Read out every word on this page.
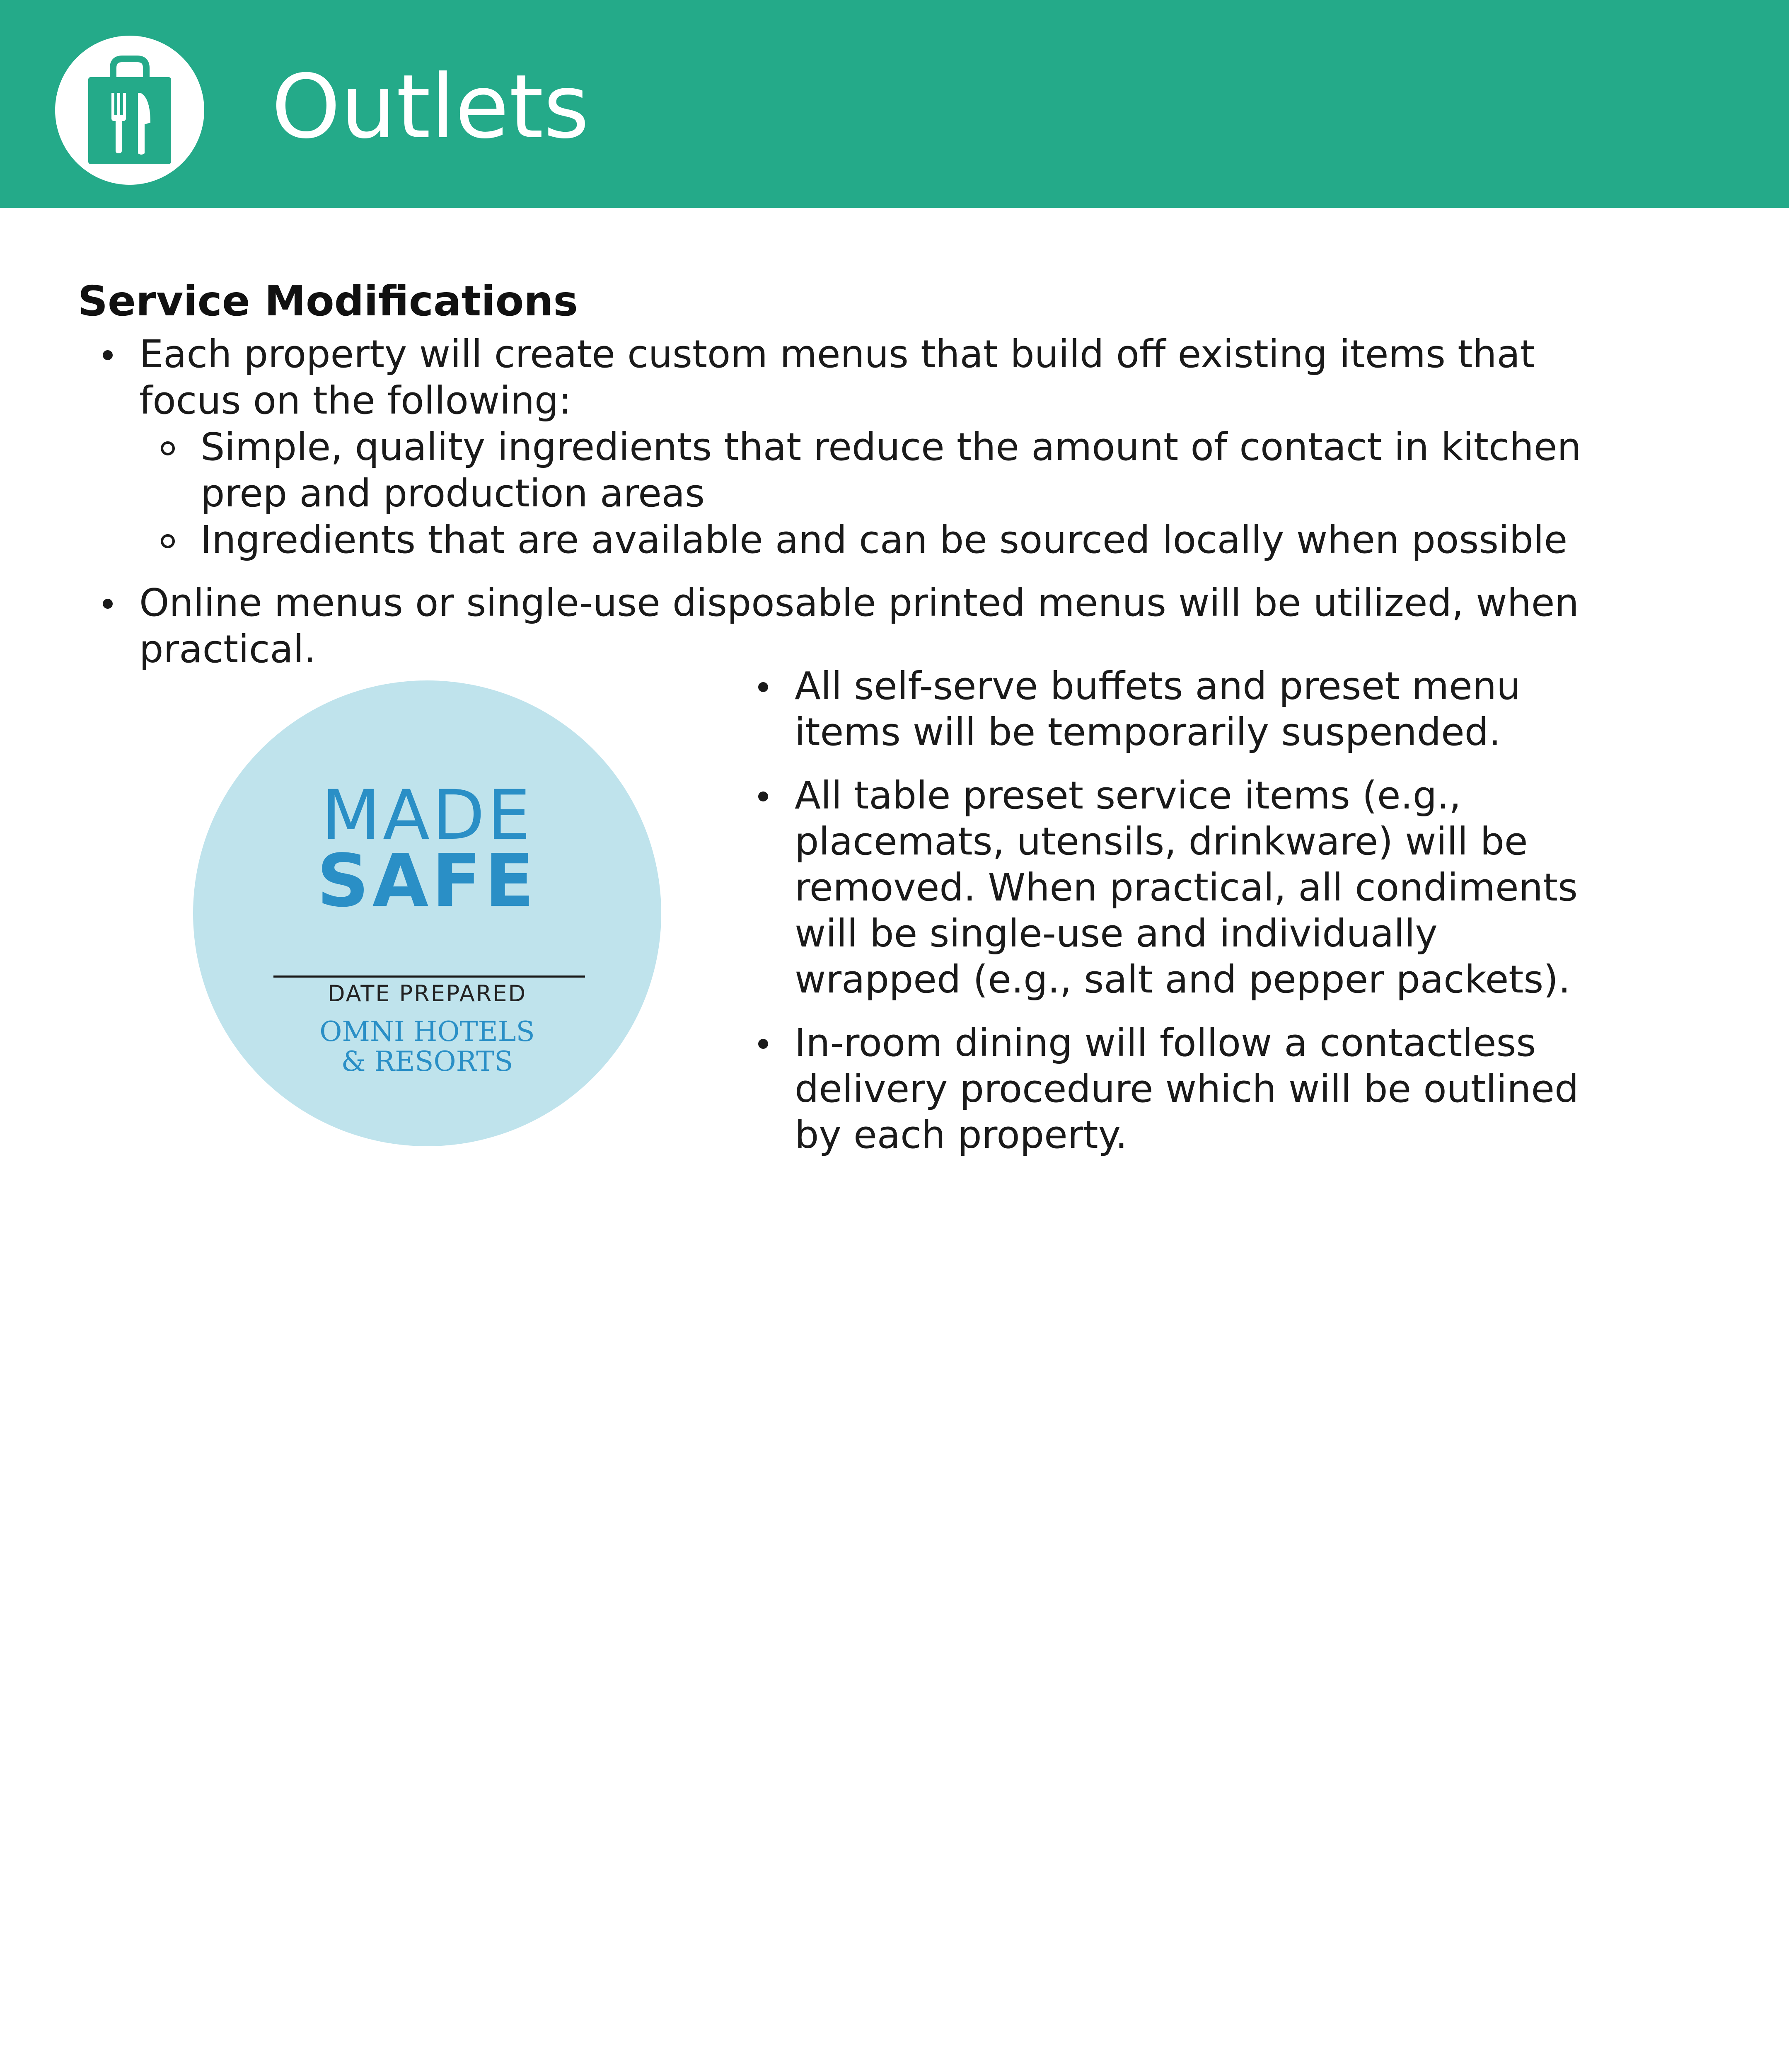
Outlets
Service Modifications
Each property will create custom menus that build off existing items that focus on the following:
Simple, quality ingredients that reduce the amount of contact in kitchen prep and production areas
Ingredients that are available and can be sourced locally when possible
Online menus or single-use disposable printed menus will be utilized, when practical.
MADE
SAFE
DATE PREPARED
OMNI HOTELS
& RESORTS
All self-serve buffets and preset menu items will be temporarily suspended.
All table preset service items (e.g., placemats, utensils, drinkware) will be removed. When practical, all condiments will be single-use and individually wrapped (e.g., salt and pepper packets).
In-room dining will follow a contactless delivery procedure which will be outlined by each property.
